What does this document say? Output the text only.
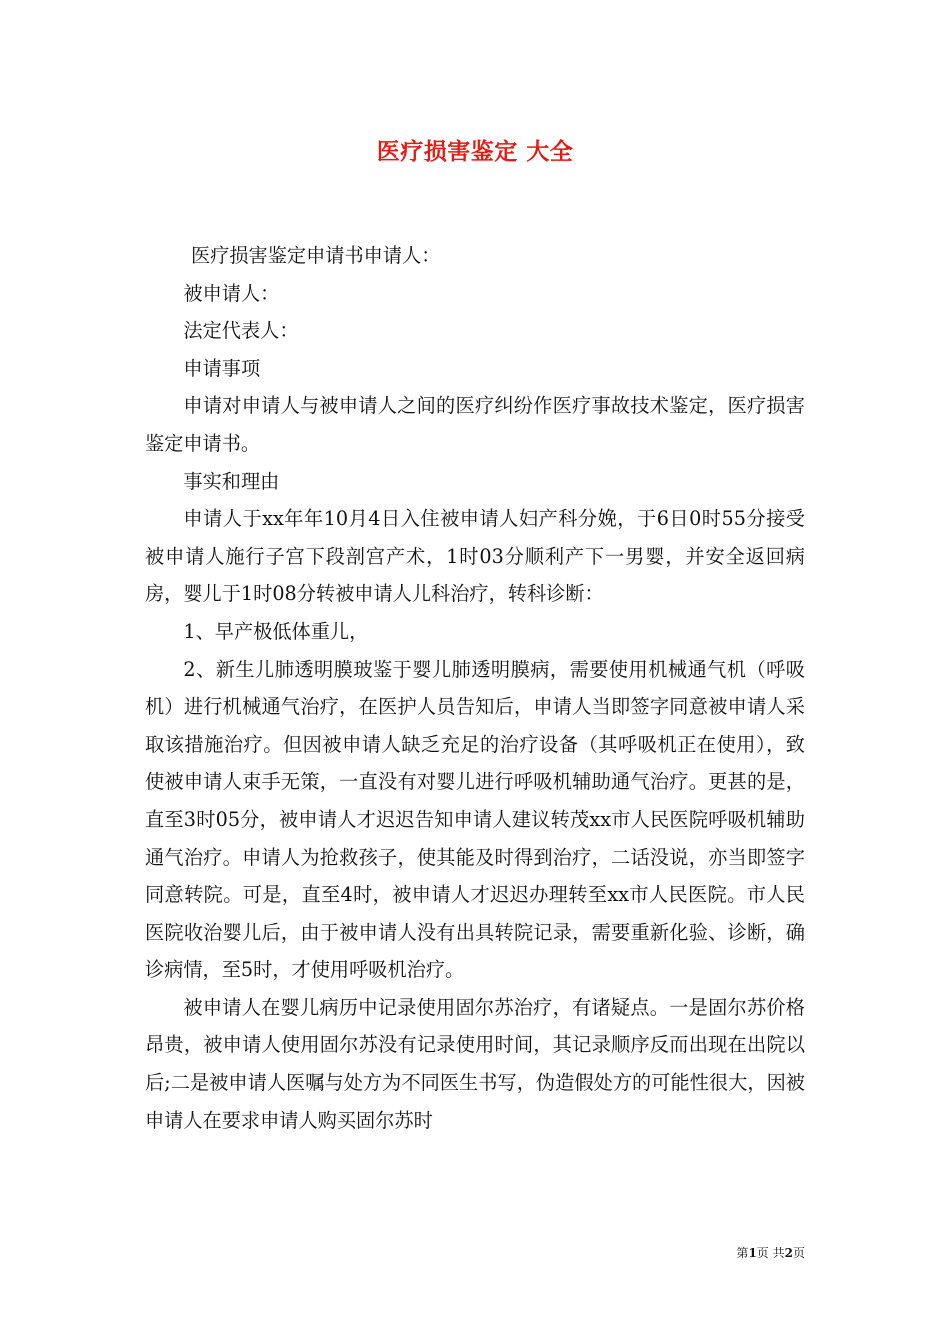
医疗损害鉴定 大全

医疗损害鉴定申请书申请人：

被申请人：

法定代表人：

申请事项

申请对申请人与被申请人之间的医疗纠纷作医疗事故技术鉴定，医疗损害鉴定申请书。

事实和理由

申请人于xx年年10月4日入住被申请人妇产科分娩，于6日0时55分接受被申请人施行子宫下段剖宫产术，1时03分顺利产下一男婴，并安全返回病房，婴儿于1时08分转被申请人儿科治疗，转科诊断：

1、早产极低体重儿，

2、新生儿肺透明膜玻鉴于婴儿肺透明膜病，需要使用机械通气机（呼吸机）进行机械通气治疗，在医护人员告知后，申请人当即签字同意被申请人采取该措施治疗。但因被申请人缺乏充足的治疗设备（其呼吸机正在使用），致使被申请人束手无策，一直没有对婴儿进行呼吸机辅助通气治疗。更甚的是，直至3时05分，被申请人才迟迟告知申请人建议转茂xx市人民医院呼吸机辅助通气治疗。申请人为抢救孩子，使其能及时得到治疗，二话没说，亦当即签字同意转院。可是，直至4时，被申请人才迟迟办理转至xx市人民医院。市人民医院收治婴儿后，由于被申请人没有出具转院记录，需要重新化验、诊断，确诊病情，至5时，才使用呼吸机治疗。

被申请人在婴儿病历中记录使用固尔苏治疗，有诸疑点。一是固尔苏价格昂贵，被申请人使用固尔苏没有记录使用时间，其记录顺序反而出现在出院以后;二是被申请人医嘱与处方为不同医生书写，伪造假处方的可能性很大，因被申请人在要求申请人购买固尔苏时

第1页 共2页
